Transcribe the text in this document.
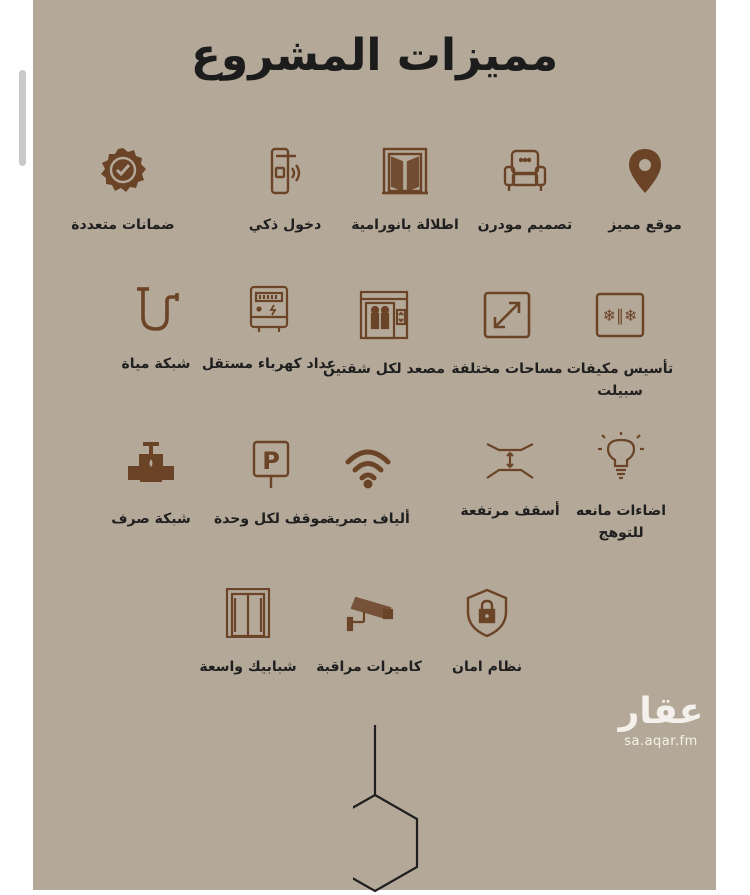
مميزات المشروع
موقع مميز
تصميم مودرن
اطلالة بانورامية
دخول ذكي
ضمانات متعددة
❄∥❄
تأسيس مكيفات سبيلت
مساحات مختلفة
مصعد لكل شقتين
عداد كهرباء مستقل
شبكة مياة
اضاءات مانعه للتوهج
أسقف مرتفعة
ألياف بصرية
P
موقف لكل وحدة
شبكة صرف
نظام امان
كاميرات مراقبة
شبابيك واسعة
عقار
sa.aqar.fm
